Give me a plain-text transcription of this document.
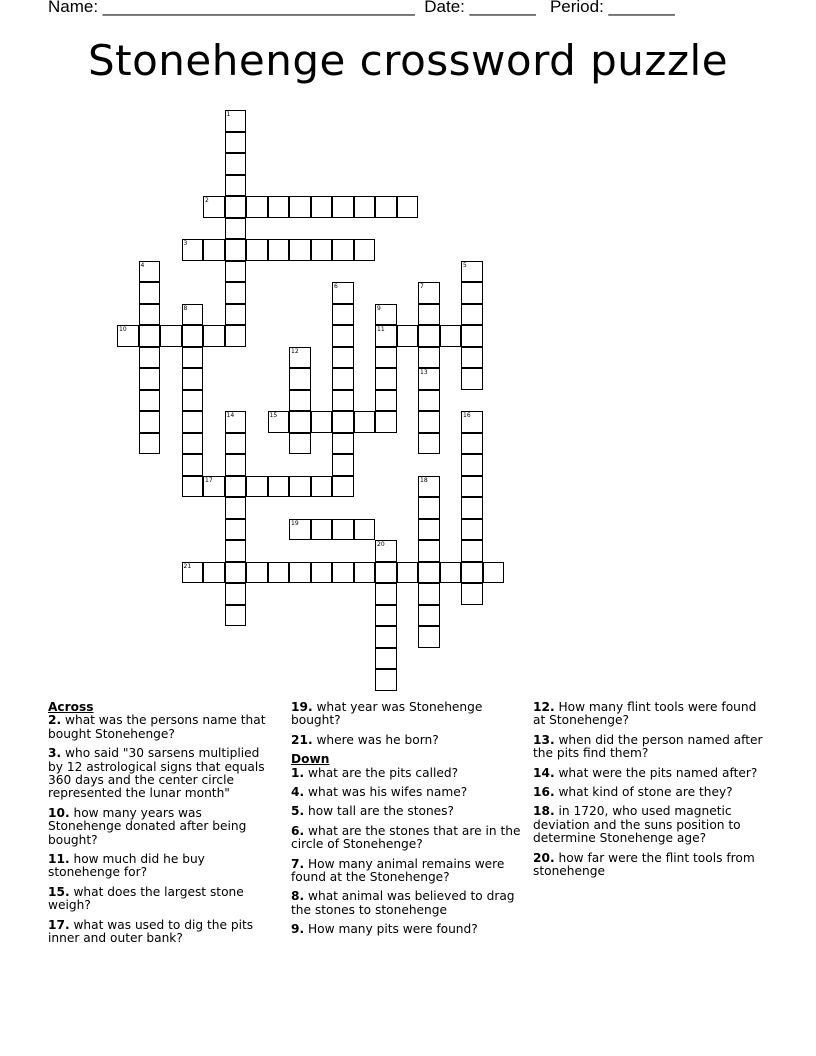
Name: _________________________________  Date: _______   Period: _______
Stonehenge crossword puzzle
2
3
10	11
15
17
19
21
1
4	5
6	7
8	9
12
13
14	16
18
20
Across
2. what was the persons name that bought Stonehenge?
3. who said "30 sarsens multiplied by 12 astrological signs that equals 360 days and the center circle represented the lunar month"
10. how many years was Stonehenge donated after being bought?
11. how much did he buy stonehenge for?
15. what does the largest stone weigh?
17. what was used to dig the pits inner and outer bank?
19. what year was Stonehenge bought?
21. where was he born?
Down
1. what are the pits called?
4. what was his wifes name?
5. how tall are the stones?
6. what are the stones that are in the circle of Stonehenge?
7. How many animal remains were found at the Stonehenge?
8. what animal was believed to drag the stones to stonehenge
9. How many pits were found?
12. How many flint tools were found at Stonehenge?
13. when did the person named after the pits find them?
14. what were the pits named after?
16. what kind of stone are they?
18. in 1720, who used magnetic deviation and the suns position to determine Stonehenge age?
20. how far were the flint tools from stonehenge
